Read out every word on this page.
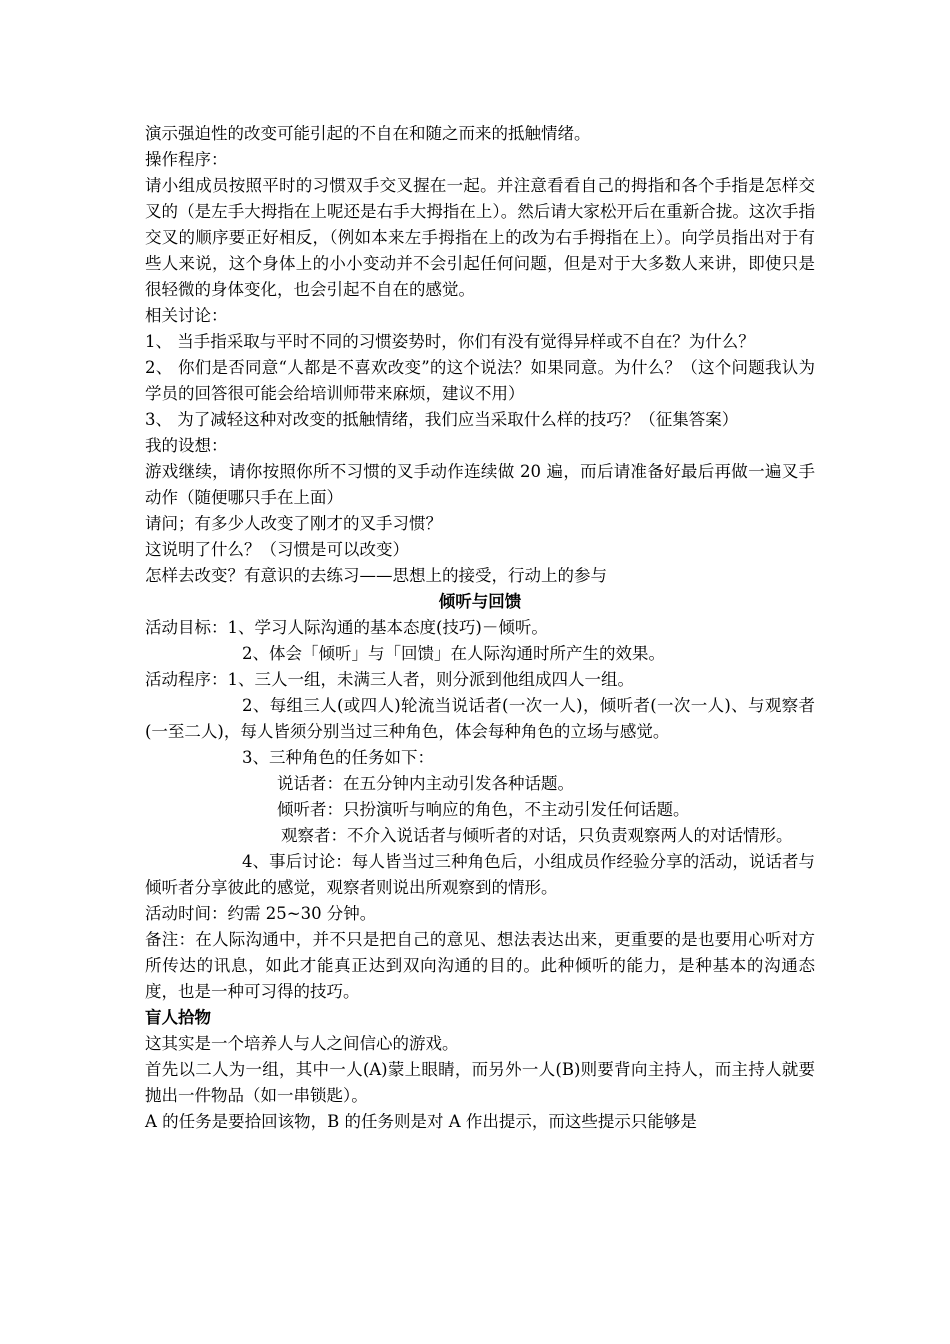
演示强迫性的改变可能引起的不自在和随之而来的抵触情绪。

操作程序：

请小组成员按照平时的习惯双手交叉握在一起。并注意看看自己的拇指和各个手指是怎样交叉的（是左手大拇指在上呢还是右手大拇指在上）。然后请大家松开后在重新合拢。这次手指交叉的顺序要正好相反，（例如本来左手拇指在上的改为右手拇指在上）。向学员指出对于有些人来说，这个身体上的小小变动并不会引起任何问题，但是对于大多数人来讲，即使只是很轻微的身体变化，也会引起不自在的感觉。

相关讨论：

1、 当手指采取与平时不同的习惯姿势时，你们有没有觉得异样或不自在？为什么？

2、 你们是否同意“人都是不喜欢改变”的这个说法？如果同意。为什么？（这个问题我认为学员的回答很可能会给培训师带来麻烦，建议不用）

3、 为了减轻这种对改变的抵触情绪，我们应当采取什么样的技巧？（征集答案）

我的设想：

游戏继续，请你按照你所不习惯的叉手动作连续做 20 遍，而后请准备好最后再做一遍叉手动作（随便哪只手在上面）

请问；有多少人改变了刚才的叉手习惯？

这说明了什么？（习惯是可以改变）

怎样去改变？有意识的去练习——思想上的接受，行动上的参与

倾听与回馈

活动目标：1、学习人际沟通的基本态度(技巧)－倾听。

2、体会「倾听」与「回馈」在人际沟通时所产生的效果。

活动程序：1、三人一组，未满三人者，则分派到他组成四人一组。

2、每组三人(或四人)轮流当说话者(一次一人)，倾听者(一次一人)、与观察者(一至二人)，每人皆须分别当过三种角色，体会每种角色的立场与感觉。

3、三种角色的任务如下：

说话者：在五分钟内主动引发各种话题。

倾听者：只扮演听与响应的角色，不主动引发任何话题。

观察者：不介入说话者与倾听者的对话，只负责观察两人的对话情形。

4、事后讨论：每人皆当过三种角色后，小组成员作经验分享的活动，说话者与倾听者分享彼此的感觉，观察者则说出所观察到的情形。

活动时间：约需 25~30 分钟。

备注：在人际沟通中，并不只是把自己的意见、想法表达出来，更重要的是也要用心听对方所传达的讯息，如此才能真正达到双向沟通的目的。此种倾听的能力，是种基本的沟通态度，也是一种可习得的技巧。

盲人拾物

这其实是一个培养人与人之间信心的游戏。

首先以二人为一组，其中一人(A)蒙上眼睛，而另外一人(B)则要背向主持人，而主持人就要抛出一件物品（如一串锁匙）。

A 的任务是要拾回该物，B 的任务则是对 A 作出提示，而这些提示只能够是
